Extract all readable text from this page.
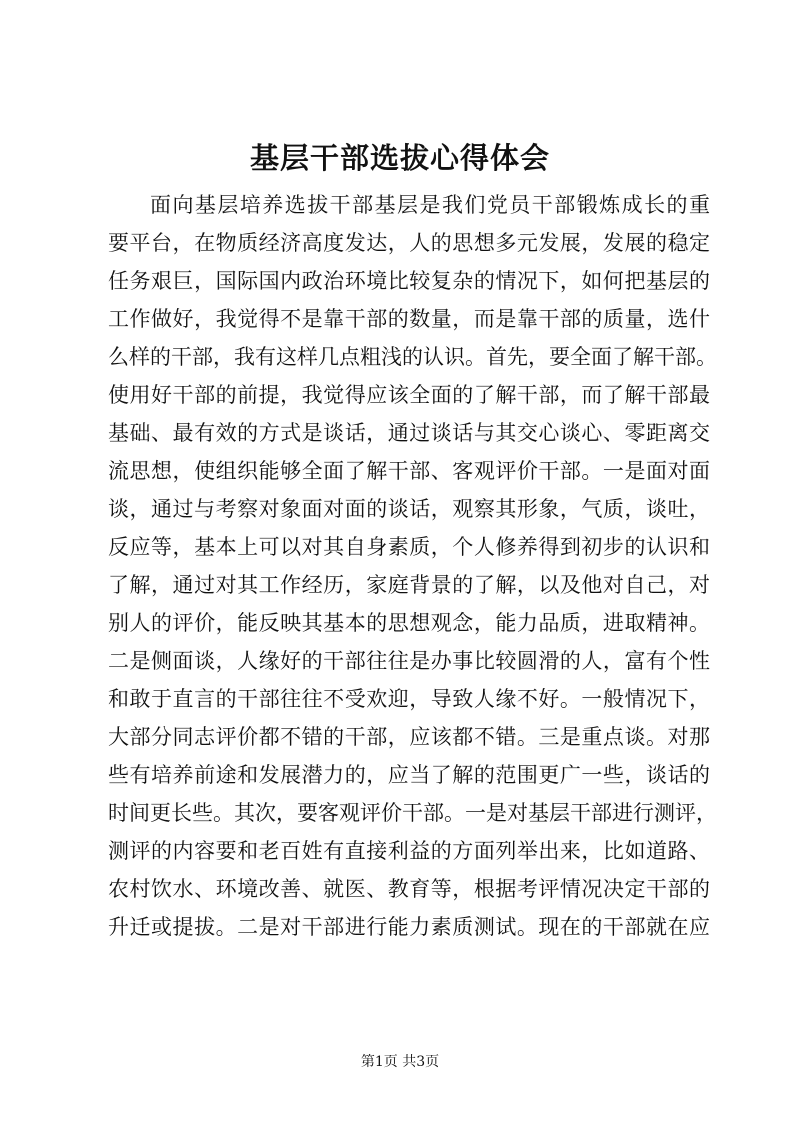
基层干部选拔心得体会
面向基层培养选拔干部基层是我们党员干部锻炼成长的重
要平台，在物质经济高度发达，人的思想多元发展，发展的稳定
任务艰巨，国际国内政治环境比较复杂的情况下，如何把基层的
工作做好，我觉得不是靠干部的数量，而是靠干部的质量，选什
么样的干部，我有这样几点粗浅的认识。首先，要全面了解干部。
使用好干部的前提，我觉得应该全面的了解干部，而了解干部最
基础、最有效的方式是谈话，通过谈话与其交心谈心、零距离交
流思想，使组织能够全面了解干部、客观评价干部。一是面对面
谈，通过与考察对象面对面的谈话，观察其形象，气质，谈吐，
反应等，基本上可以对其自身素质，个人修养得到初步的认识和
了解，通过对其工作经历，家庭背景的了解，以及他对自己，对
别人的评价，能反映其基本的思想观念，能力品质，进取精神。
二是侧面谈，人缘好的干部往往是办事比较圆滑的人，富有个性
和敢于直言的干部往往不受欢迎，导致人缘不好。一般情况下，
大部分同志评价都不错的干部，应该都不错。三是重点谈。对那
些有培养前途和发展潜力的，应当了解的范围更广一些，谈话的
时间更长些。其次，要客观评价干部。一是对基层干部进行测评，
测评的内容要和老百姓有直接利益的方面列举出来，比如道路、
农村饮水、环境改善、就医、教育等，根据考评情况决定干部的
升迁或提拔。二是对干部进行能力素质测试。现在的干部就在应
第1页 共3页
